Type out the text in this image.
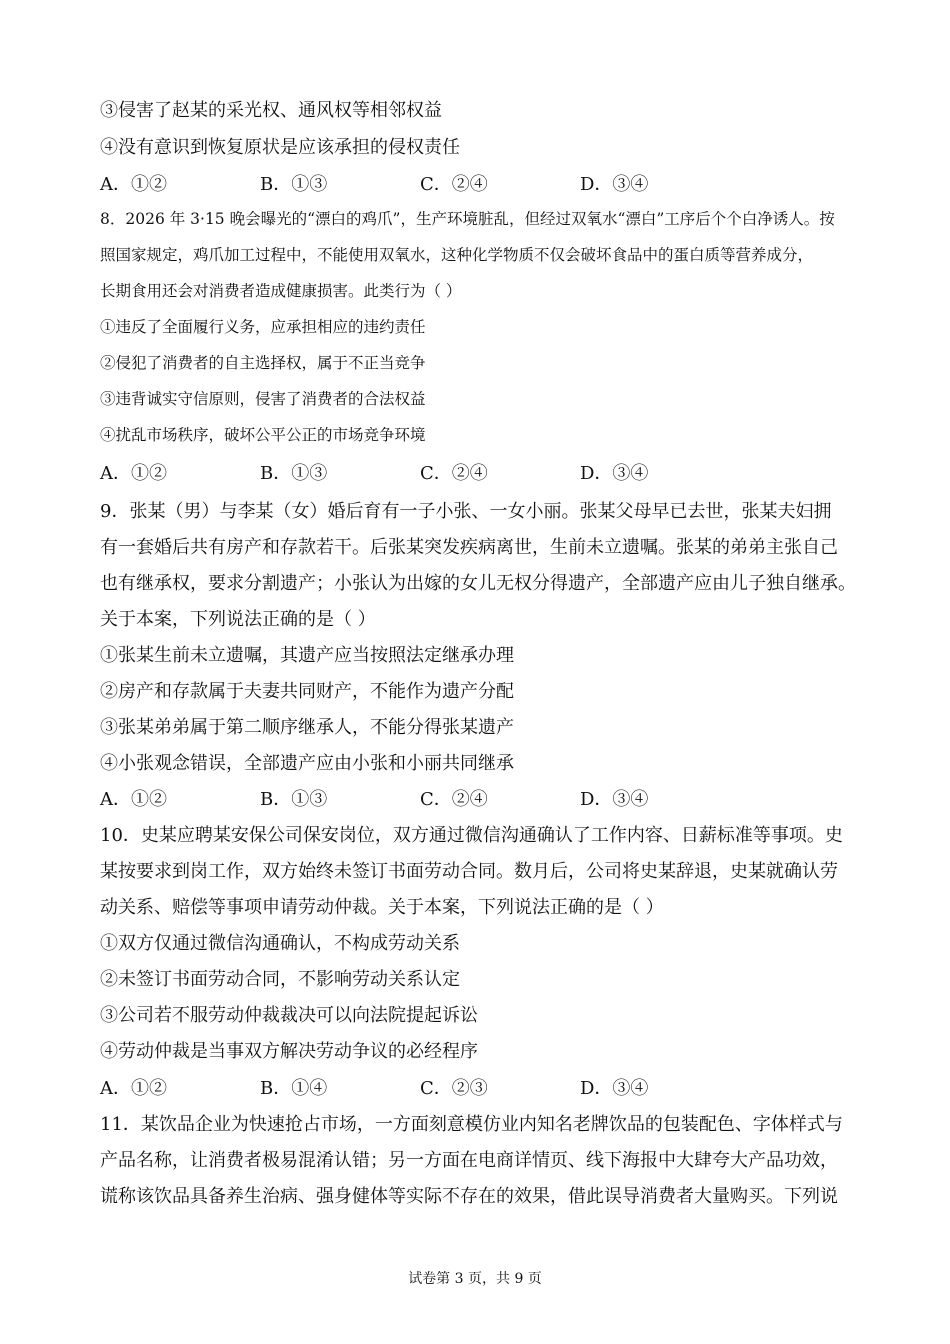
③侵害了赵某的采光权、通风权等相邻权益
④没有意识到恢复原状是应该承担的侵权责任
A．①②	B．①③	C．②④	D．③④
8．2026 年 3·15 晚会曝光的“漂白的鸡爪”，生产环境脏乱，但经过双氧水“漂白”工序后个个白净诱人。按
照国家规定，鸡爪加工过程中，不能使用双氧水，这种化学物质不仅会破坏食品中的蛋白质等营养成分，
长期食用还会对消费者造成健康损害。此类行为（ ）
①违反了全面履行义务，应承担相应的违约责任
②侵犯了消费者的自主选择权，属于不正当竞争
③违背诚实守信原则，侵害了消费者的合法权益
④扰乱市场秩序，破坏公平公正的市场竞争环境
A．①②	B．①③	C．②④	D．③④
9．张某（男）与李某（女）婚后育有一子小张、一女小丽。张某父母早已去世，张某夫妇拥
有一套婚后共有房产和存款若干。后张某突发疾病离世，生前未立遗嘱。张某的弟弟主张自己
也有继承权，要求分割遗产；小张认为出嫁的女儿无权分得遗产，全部遗产应由儿子独自继承。
关于本案，下列说法正确的是（ ）
①张某生前未立遗嘱，其遗产应当按照法定继承办理
②房产和存款属于夫妻共同财产，不能作为遗产分配
③张某弟弟属于第二顺序继承人，不能分得张某遗产
④小张观念错误，全部遗产应由小张和小丽共同继承
A．①②	B．①③	C．②④	D．③④
10．史某应聘某安保公司保安岗位，双方通过微信沟通确认了工作内容、日薪标准等事项。史
某按要求到岗工作，双方始终未签订书面劳动合同。数月后，公司将史某辞退，史某就确认劳
动关系、赔偿等事项申请劳动仲裁。关于本案，下列说法正确的是（ ）
①双方仅通过微信沟通确认，不构成劳动关系
②未签订书面劳动合同，不影响劳动关系认定
③公司若不服劳动仲裁裁决可以向法院提起诉讼
④劳动仲裁是当事双方解决劳动争议的必经程序
A．①②	B．①④	C．②③	D．③④
11．某饮品企业为快速抢占市场，一方面刻意模仿业内知名老牌饮品的包装配色、字体样式与
产品名称，让消费者极易混淆认错；另一方面在电商详情页、线下海报中大肆夸大产品功效，
谎称该饮品具备养生治病、强身健体等实际不存在的效果，借此误导消费者大量购买。下列说
试卷第 3 页，共 9 页
